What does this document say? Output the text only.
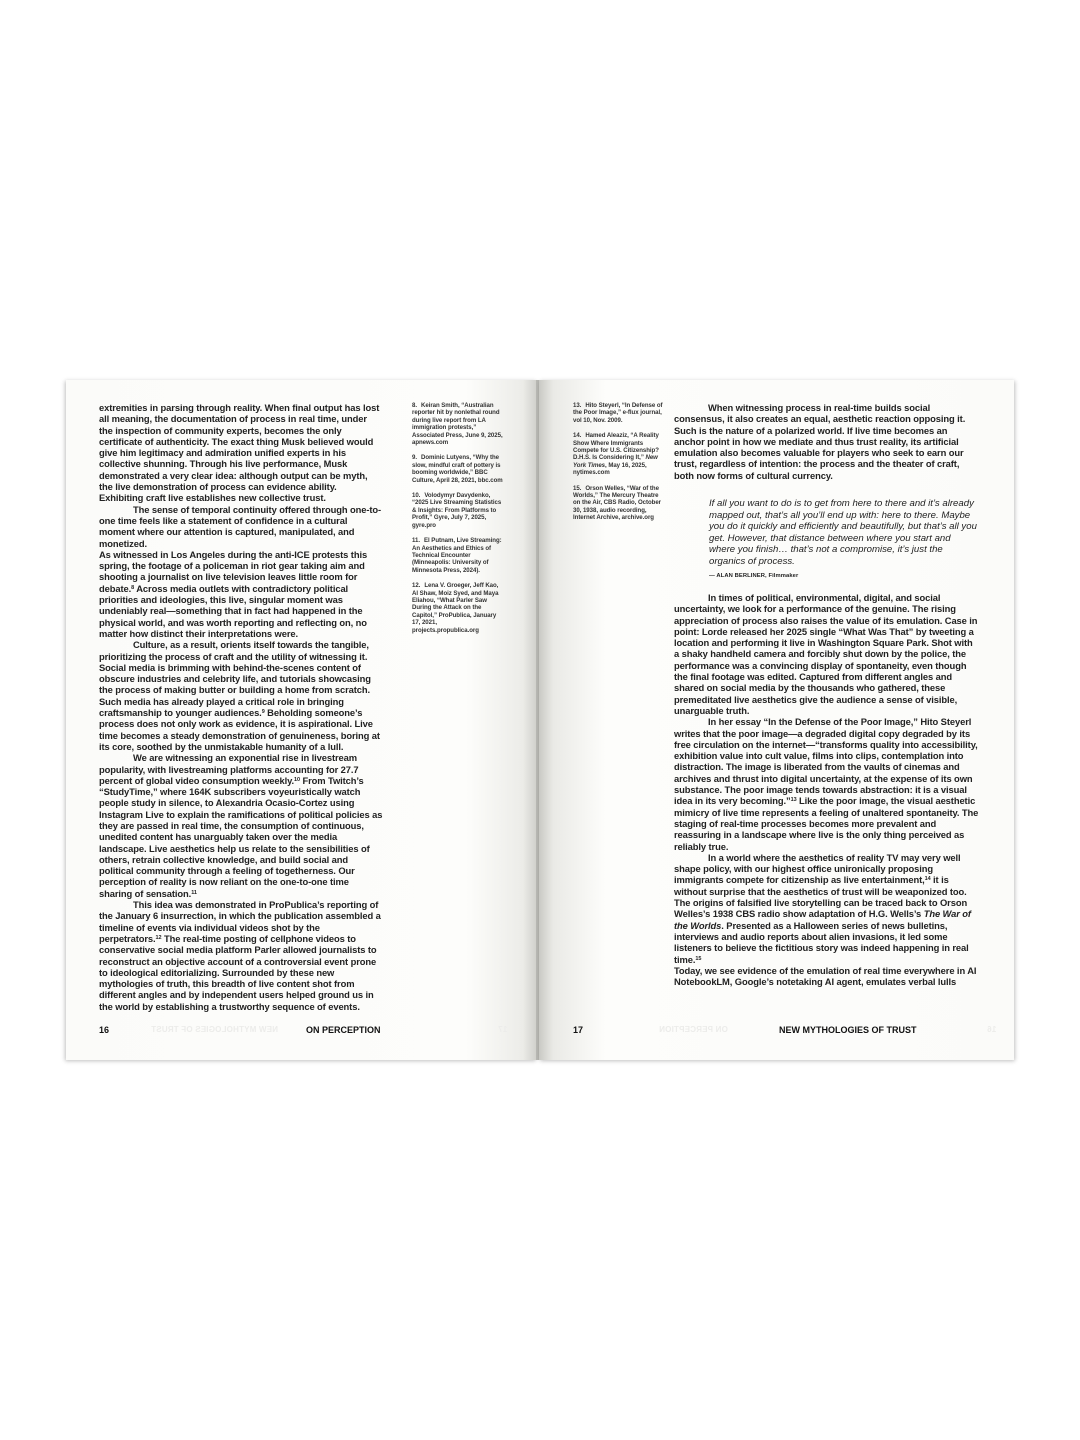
extremities in parsing through reality. When final output has lost all meaning, the documentation of process in real time, under the inspection of community experts, becomes the only certificate of authenticity. The exact thing Musk believed would give him legitimacy and admiration unified experts in his collective shunning. Through his live performance, Musk demonstrated a very clear idea: although output can be myth, the live demonstration of process can evidence ability. Exhibiting craft live establishes new collective trust.

The sense of temporal continuity offered through one-to-one time feels like a statement of confidence in a cultural moment where our attention is captured, manipulated, and monetized.

As witnessed in Los Angeles during the anti-ICE protests this spring, the footage of a policeman in riot gear taking aim and shooting a journalist on live television leaves little room for debate.$^8$ Across media outlets with contradictory political priorities and ideologies, this live, singular moment was undeniably real—something that in fact had happened in the physical world, and was worth reporting and reflecting on, no matter how distinct their interpretations were.

Culture, as a result, orients itself towards the tangible, prioritizing the process of craft and the utility of witnessing it. Social media is brimming with behind-the-scenes content of obscure industries and celebrity life, and tutorials showcasing the process of making butter or building a home from scratch. Such media has already played a critical role in bringing craftsmanship to younger audiences.$^9$ Beholding someone’s process does not only work as evidence, it is aspirational. Live time becomes a steady demonstration of genuineness, boring at its core, soothed by the unmistakable humanity of a lull.

We are witnessing an exponential rise in livestream popularity, with livestreaming platforms accounting for 27.7 percent of global video consumption weekly.$^{10}$ From Twitch’s “StudyTime,” where 164K subscribers voyeuristically watch people study in silence, to Alexandria Ocasio-Cortez using Instagram Live to explain the ramifications of political policies as they are passed in real time, the consumption of continuous, unedited content has unarguably taken over the media landscape. Live aesthetics help us relate to the sensibilities of others, retrain collective knowledge, and build social and political community through a feeling of togetherness. Our perception of reality is now reliant on the one-to-one time sharing of sensation.$^{11}$

This idea was demonstrated in ProPublica’s reporting of the January 6 insurrection, in which the publication assembled a timeline of events via individual videos shot by the perpetrators.$^{12}$ The real-time posting of cellphone videos to conservative social media platform Parler allowed journalists to reconstruct an objective account of a controversial event prone to ideological editorializing. Surrounded by these new mythologies of truth, this breadth of live content shot from different angles and by independent users helped ground us in the world by establishing a trustworthy sequence of events.

8. Keiran Smith, “Australian reporter hit by nonlethal round during live report from LA immigration protests,” Associated Press, June 9, 2025, apnews.com
9. Dominic Lutyens, “Why the slow, mindful craft of pottery is booming worldwide,” BBC Culture, April 28, 2021, bbc.com
10. Volodymyr Davydenko, “2025 Live Streaming Statistics & Insights: From Platforms to Profit,” Gyre, July 7, 2025, gyre.pro
11. El Putnam, Live Streaming: An Aesthetics and Ethics of Technical Encounter (Minneapolis: University of Minnesota Press, 2024).
12. Lena V. Groeger, Jeff Kao, Al Shaw, Moiz Syed, and Maya Eliahou, “What Parler Saw During the Attack on the Capitol,” ProPublica, January 17, 2021, projects.propublica.org
16	ON PERCEPTION
NEW MYTHOLOGIES OF TRUST	17
13. Hito Steyerl, “In Defense of the Poor Image,” e-flux journal, vol 10, Nov. 2009.
14. Hamed Aleaziz, “A Reality Show Where Immigrants Compete for U.S. Citizenship? D.H.S. Is Considering It,” New York Times, May 16, 2025, nytimes.com
15. Orson Welles, “War of the Worlds,” The Mercury Theatre on the Air, CBS Radio, October 30, 1938, audio recording, Internet Archive, archive.org

When witnessing process in real-time builds social consensus, it also creates an equal, aesthetic reaction opposing it. Such is the nature of a polarized world. If live time becomes an anchor point in how we mediate and thus trust reality, its artificial emulation also becomes valuable for players who seek to earn our trust, regardless of intention: the process and the theater of craft, both now forms of cultural currency.

If all you want to do is to get from here to there and it’s already mapped out, that’s all you’ll end up with: here to there. Maybe you do it quickly and efficiently and beautifully, but that’s all you get. However, that distance between where you start and where you finish… that’s not a compromise, it’s just the organics of process.
— ALAN BERLINER, Filmmaker

In times of political, environmental, digital, and social uncertainty, we look for a performance of the genuine. The rising appreciation of process also raises the value of its emulation. Case in point: Lorde released her 2025 single “What Was That” by tweeting a location and performing it live in Washington Square Park. Shot with a shaky handheld camera and forcibly shut down by the police, the performance was a convincing display of spontaneity, even though the final footage was edited. Captured from different angles and shared on social media by the thousands who gathered, these premeditated live aesthetics give the audience a sense of visible, unarguable truth.

In her essay “In the Defense of the Poor Image,” Hito Steyerl writes that the poor image—a degraded digital copy degraded by its free circulation on the internet—“transforms quality into accessibility, exhibition value into cult value, films into clips, contemplation into distraction. The image is liberated from the vaults of cinemas and archives and thrust into digital uncertainty, at the expense of its own substance. The poor image tends towards abstraction: it is a visual idea in its very becoming.”$^{13}$ Like the poor image, the visual aesthetic mimicry of live time represents a feeling of unaltered spontaneity. The staging of real-time processes becomes more prevalent and reassuring in a landscape where live is the only thing perceived as reliably true.

In a world where the aesthetics of reality TV may very well shape policy, with our highest office unironically proposing immigrants compete for citizenship as live entertainment,$^{14}$ it is without surprise that the aesthetics of trust will be weaponized too.

The origins of falsified live storytelling can be traced back to Orson Welles’s 1938 CBS radio show adaptation of H.G. Wells’s The War of the Worlds. Presented as a Halloween series of news bulletins, interviews and audio reports about alien invasions, it led some listeners to believe the fictitious story was indeed happening in real time.$^{15}$

Today, we see evidence of the emulation of real time everywhere in AI NotebookLM, Google’s notetaking AI agent, emulates verbal lulls

17	NEW MYTHOLOGIES OF TRUST
ON PERCEPTION	16
